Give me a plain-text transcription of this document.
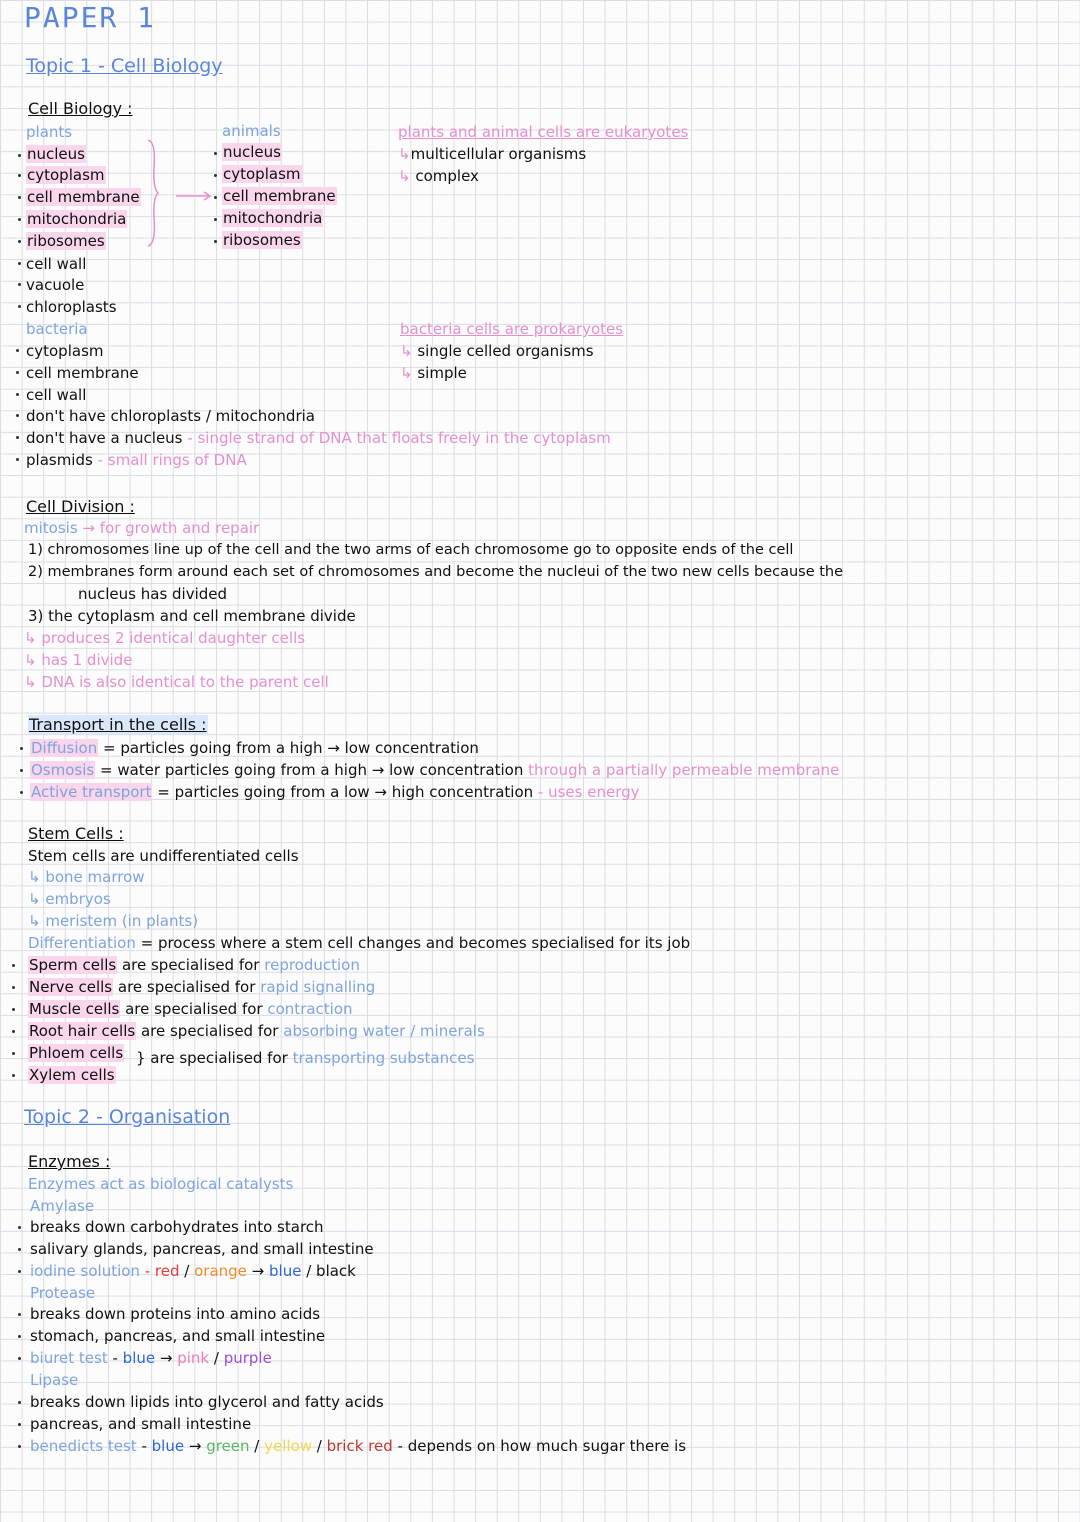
PAPER 1
Topic 1 - Cell Biology
Cell Biology :
plants
nucleus
cytoplasm
cell membrane
mitochondria
ribosomes
cell wall
vacuole
chloroplasts
animals
nucleus
cytoplasm
cell membrane
mitochondria
ribosomes
plants and animal cells are eukaryotes
↳multicellular organisms
↳ complex
bacteria
cytoplasm
cell membrane
cell wall
don't have chloroplasts / mitochondria
don't have a nucleus - single strand of DNA that floats freely in the cytoplasm
plasmids - small rings of DNA
bacteria cells are prokaryotes
↳ single celled organisms
↳ simple
Cell Division :
mitosis → for growth and repair
1) chromosomes line up of the cell and the two arms of each chromosome go to opposite ends of the cell
2) membranes form around each set of chromosomes and become the nucleui of the two new cells because the
nucleus has divided
3) the cytoplasm and cell membrane divide
↳ produces 2 identical daughter cells
↳ has 1 divide
↳ DNA is also identical to the parent cell
Transport in the cells :
Diffusion = particles going from a high → low concentration
Osmosis = water particles going from a high → low concentration through a partially permeable membrane
Active transport = particles going from a low → high concentration - uses energy
Stem Cells :
Stem cells are undifferentiated cells
↳ bone marrow
↳ embryos
↳ meristem (in plants)
Differentiation = process where a stem cell changes and becomes specialised for its job
Sperm cells are specialised for reproduction
Nerve cells are specialised for rapid signalling
Muscle cells are specialised for contraction
Root hair cells are specialised for absorbing water / minerals
Phloem cells } are specialised for transporting substances
Xylem cells
Topic 2 - Organisation
Enzymes :
Enzymes act as biological catalysts
Amylase
breaks down carbohydrates into starch
salivary glands, pancreas, and small intestine
iodine solution - red / orange → blue / black
Protease
breaks down proteins into amino acids
stomach, pancreas, and small intestine
biuret test - blue → pink / purple
Lipase
breaks down lipids into glycerol and fatty acids
pancreas, and small intestine
benedicts test - blue → green / yellow / brick red - depends on how much sugar there is
